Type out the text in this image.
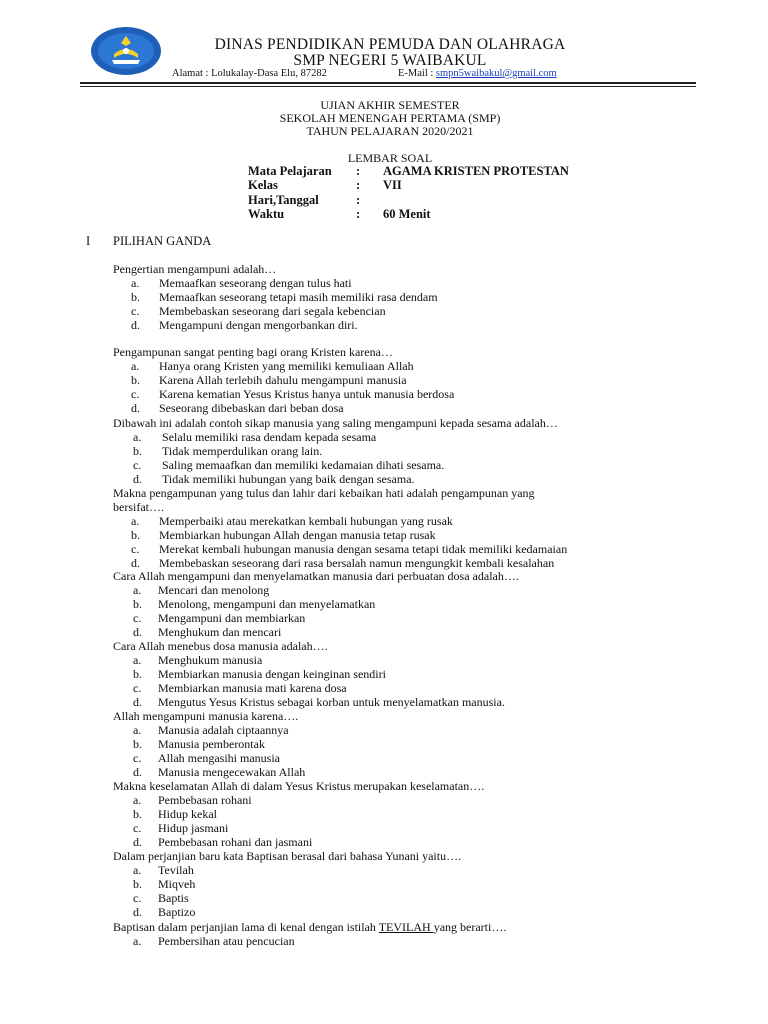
DINAS PENDIDIKAN PEMUDA DAN OLAHRAGA
SMP NEGERI 5 WAIBAKUL
Alamat : Lolukalay-Dasa Elu, 87282	E-Mail : smpn5waibakul@gmail.com
UJIAN AKHIR SEMESTER
SEKOLAH MENENGAH PERTAMA (SMP)
TAHUN PELAJARAN 2020/2021
LEMBAR SOAL
Mata Pelajaran : AGAMA KRISTEN PROTESTAN
Kelas	: VII
Hari,Tanggal	:
Waktu	: 60 Menit
I PILIHAN GANDA
Pengertian mengampuni adalah…
a. Memaafkan seseorang dengan tulus hati
b. Memaafkan seseorang tetapi masih memiliki rasa dendam
c. Membebaskan seseorang dari segala kebencian
d. Mengampuni dengan mengorbankan diri.
Pengampunan sangat penting bagi orang Kristen karena…
a. Hanya orang Kristen yang memiliki kemuliaan Allah
b. Karena Allah terlebih dahulu mengampuni manusia
c. Karena kematian Yesus Kristus hanya untuk manusia berdosa
d. Seseorang dibebaskan dari beban dosa
Dibawah ini adalah contoh sikap manusia yang saling mengampuni kepada sesama adalah…
a. Selalu memiliki rasa dendam kepada sesama
b. Tidak memperdulikan orang lain.
c. Saling memaafkan dan memiliki kedamaian dihati sesama.
d. Tidak memiliki hubungan yang baik dengan sesama.
Makna pengampunan yang tulus dan lahir dari kebaikan hati adalah pengampunan yang
bersifat….
a. Memperbaiki atau merekatkan kembali hubungan yang rusak
b. Membiarkan hubungan Allah dengan manusia tetap rusak
c. Merekat kembali hubungan manusia dengan sesama tetapi tidak memiliki kedamaian
d. Membebaskan seseorang dari rasa bersalah namun mengungkit kembali kesalahan
Cara Allah mengampuni dan menyelamatkan manusia dari perbuatan dosa adalah….
a. Mencari dan menolong
b. Menolong, mengampuni dan menyelamatkan
c. Mengampuni dan membiarkan
d. Menghukum dan mencari
Cara Allah menebus dosa manusia adalah….
a. Menghukum manusia
b. Membiarkan manusia dengan keinginan sendiri
c. Membiarkan manusia mati karena dosa
d. Mengutus Yesus Kristus sebagai korban untuk menyelamatkan manusia.
Allah mengampuni manusia karena….
a. Manusia adalah ciptaannya
b. Manusia pemberontak
c. Allah mengasihi manusia
d. Manusia mengecewakan Allah
Makna keselamatan Allah di dalam Yesus Kristus merupakan keselamatan….
a. Pembebasan rohani
b. Hidup kekal
c. Hidup jasmani
d. Pembebasan rohani dan jasmani
Dalam perjanjian baru kata Baptisan berasal dari bahasa Yunani yaitu….
a. Tevilah
b. Miqveh
c. Baptis
d. Baptizo
Baptisan dalam perjanjian lama di kenal dengan istilah TEVILAH yang berarti….
a. Pembersihan atau pencucian
